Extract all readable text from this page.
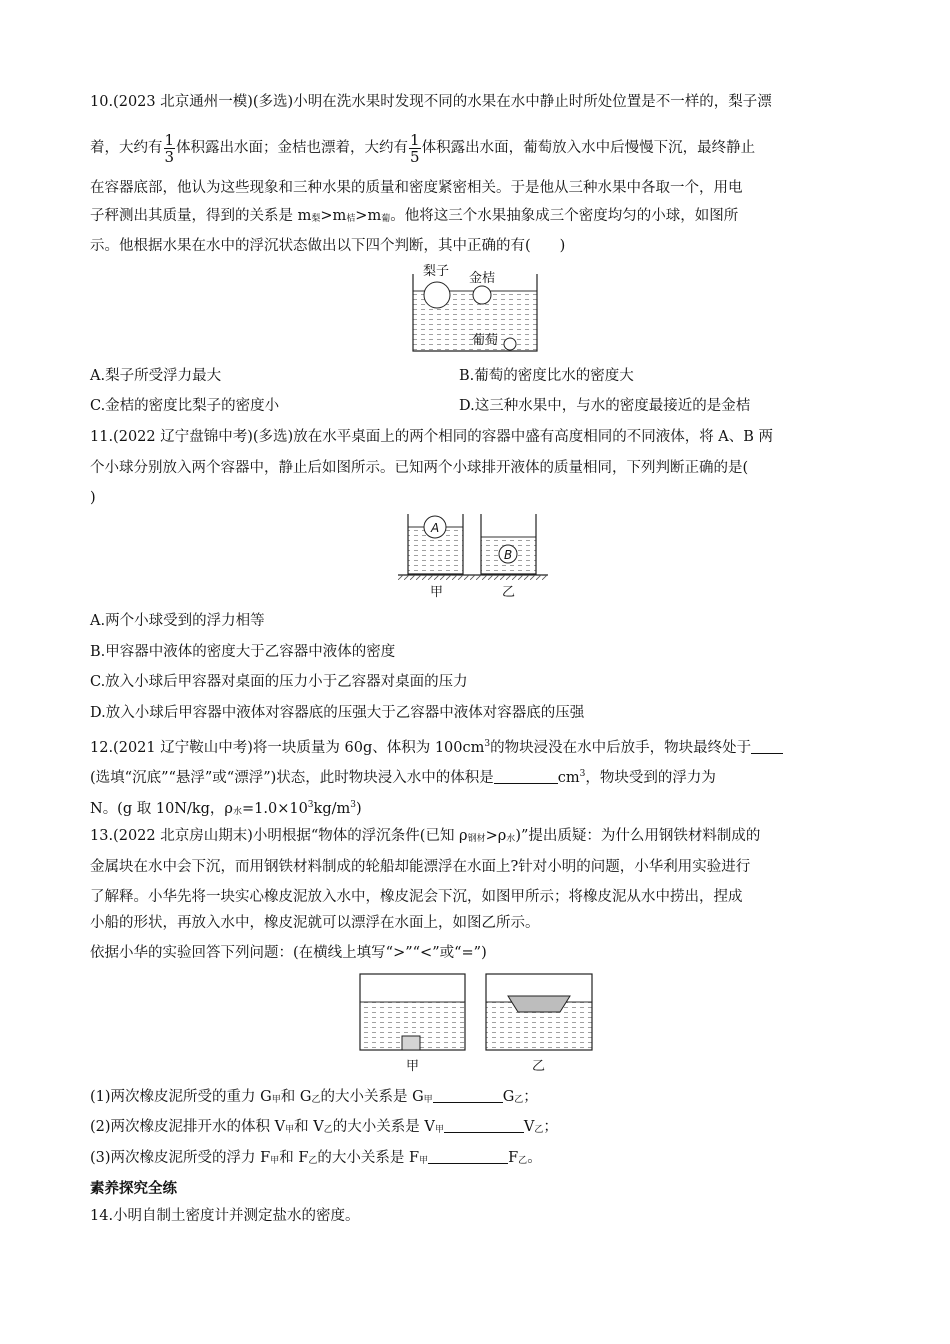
10.(2023 北京通州一模)(多选)小明在洗水果时发现不同的水果在水中静止时所处位置是不一样的，梨子漂
着，大约有 $\frac{1}{3}$ 体积露出水面；金桔也漂着，大约有 $\frac{1}{5}$ 体积露出水面，葡萄放入水中后慢慢下沉，最终静止
在容器底部，他认为这些现象和三种水果的质量和密度紧密相关。于是他从三种水果中各取一个，用电
子秤测出其质量，得到的关系是 m梨>m桔>m葡。他将这三个水果抽象成三个密度均匀的小球，如图所
示。他根据水果在水中的浮沉状态做出以下四个判断，其中正确的有(　　)
梨子 金桔
葡萄
A.梨子所受浮力最大	B.葡萄的密度比水的密度大
C.金桔的密度比梨子的密度小	D.这三种水果中，与水的密度最接近的是金桔
11.(2022 辽宁盘锦中考)(多选)放在水平桌面上的两个相同的容器中盛有高度相同的不同液体，将 A、B 两
个小球分别放入两个容器中，静止后如图所示。已知两个小球排开液体的质量相同，下列判断正确的是(
)
A
B
甲	乙
A.两个小球受到的浮力相等
B.甲容器中液体的密度大于乙容器中液体的密度
C.放入小球后甲容器对桌面的压力小于乙容器对桌面的压力
D.放入小球后甲容器中液体对容器底的压强大于乙容器中液体对容器底的压强
12.(2021 辽宁鞍山中考)将一块质量为 60g、体积为 $100cm^3$的物块浸没在水中后放手，物块最终处于
(选填“沉底”“悬浮”或“漂浮”)状态，此时物块浸入水中的体积是	$cm^3$，物块受到的浮力为
N。(g 取 10N/kg，ρ水$=1.0\times 10^3kg/m^3$)
13.(2022 北京房山期末)小明根据“物体的浮沉条件(已知 ρ钢材>ρ水)”提出质疑：为什么用钢铁材料制成的
金属块在水中会下沉，而用钢铁材料制成的轮船却能漂浮在水面上?针对小明的问题，小华利用实验进行
了解释。小华先将一块实心橡皮泥放入水中，橡皮泥会下沉，如图甲所示；将橡皮泥从水中捞出，捏成
小船的形状，再放入水中，橡皮泥就可以漂浮在水面上，如图乙所示。
依据小华的实验回答下列问题：(在横线上填写“>”“<”或“=”)
甲	乙
(1)两次橡皮泥所受的重力 G甲和 G乙的大小关系是 G甲	G乙；
(2)两次橡皮泥排开水的体积 V甲和 V乙的大小关系是 V甲	V乙；
(3)两次橡皮泥所受的浮力 F甲和 F乙的大小关系是 F甲	F乙。
素养探究全练
14.小明自制土密度计并测定盐水的密度。
